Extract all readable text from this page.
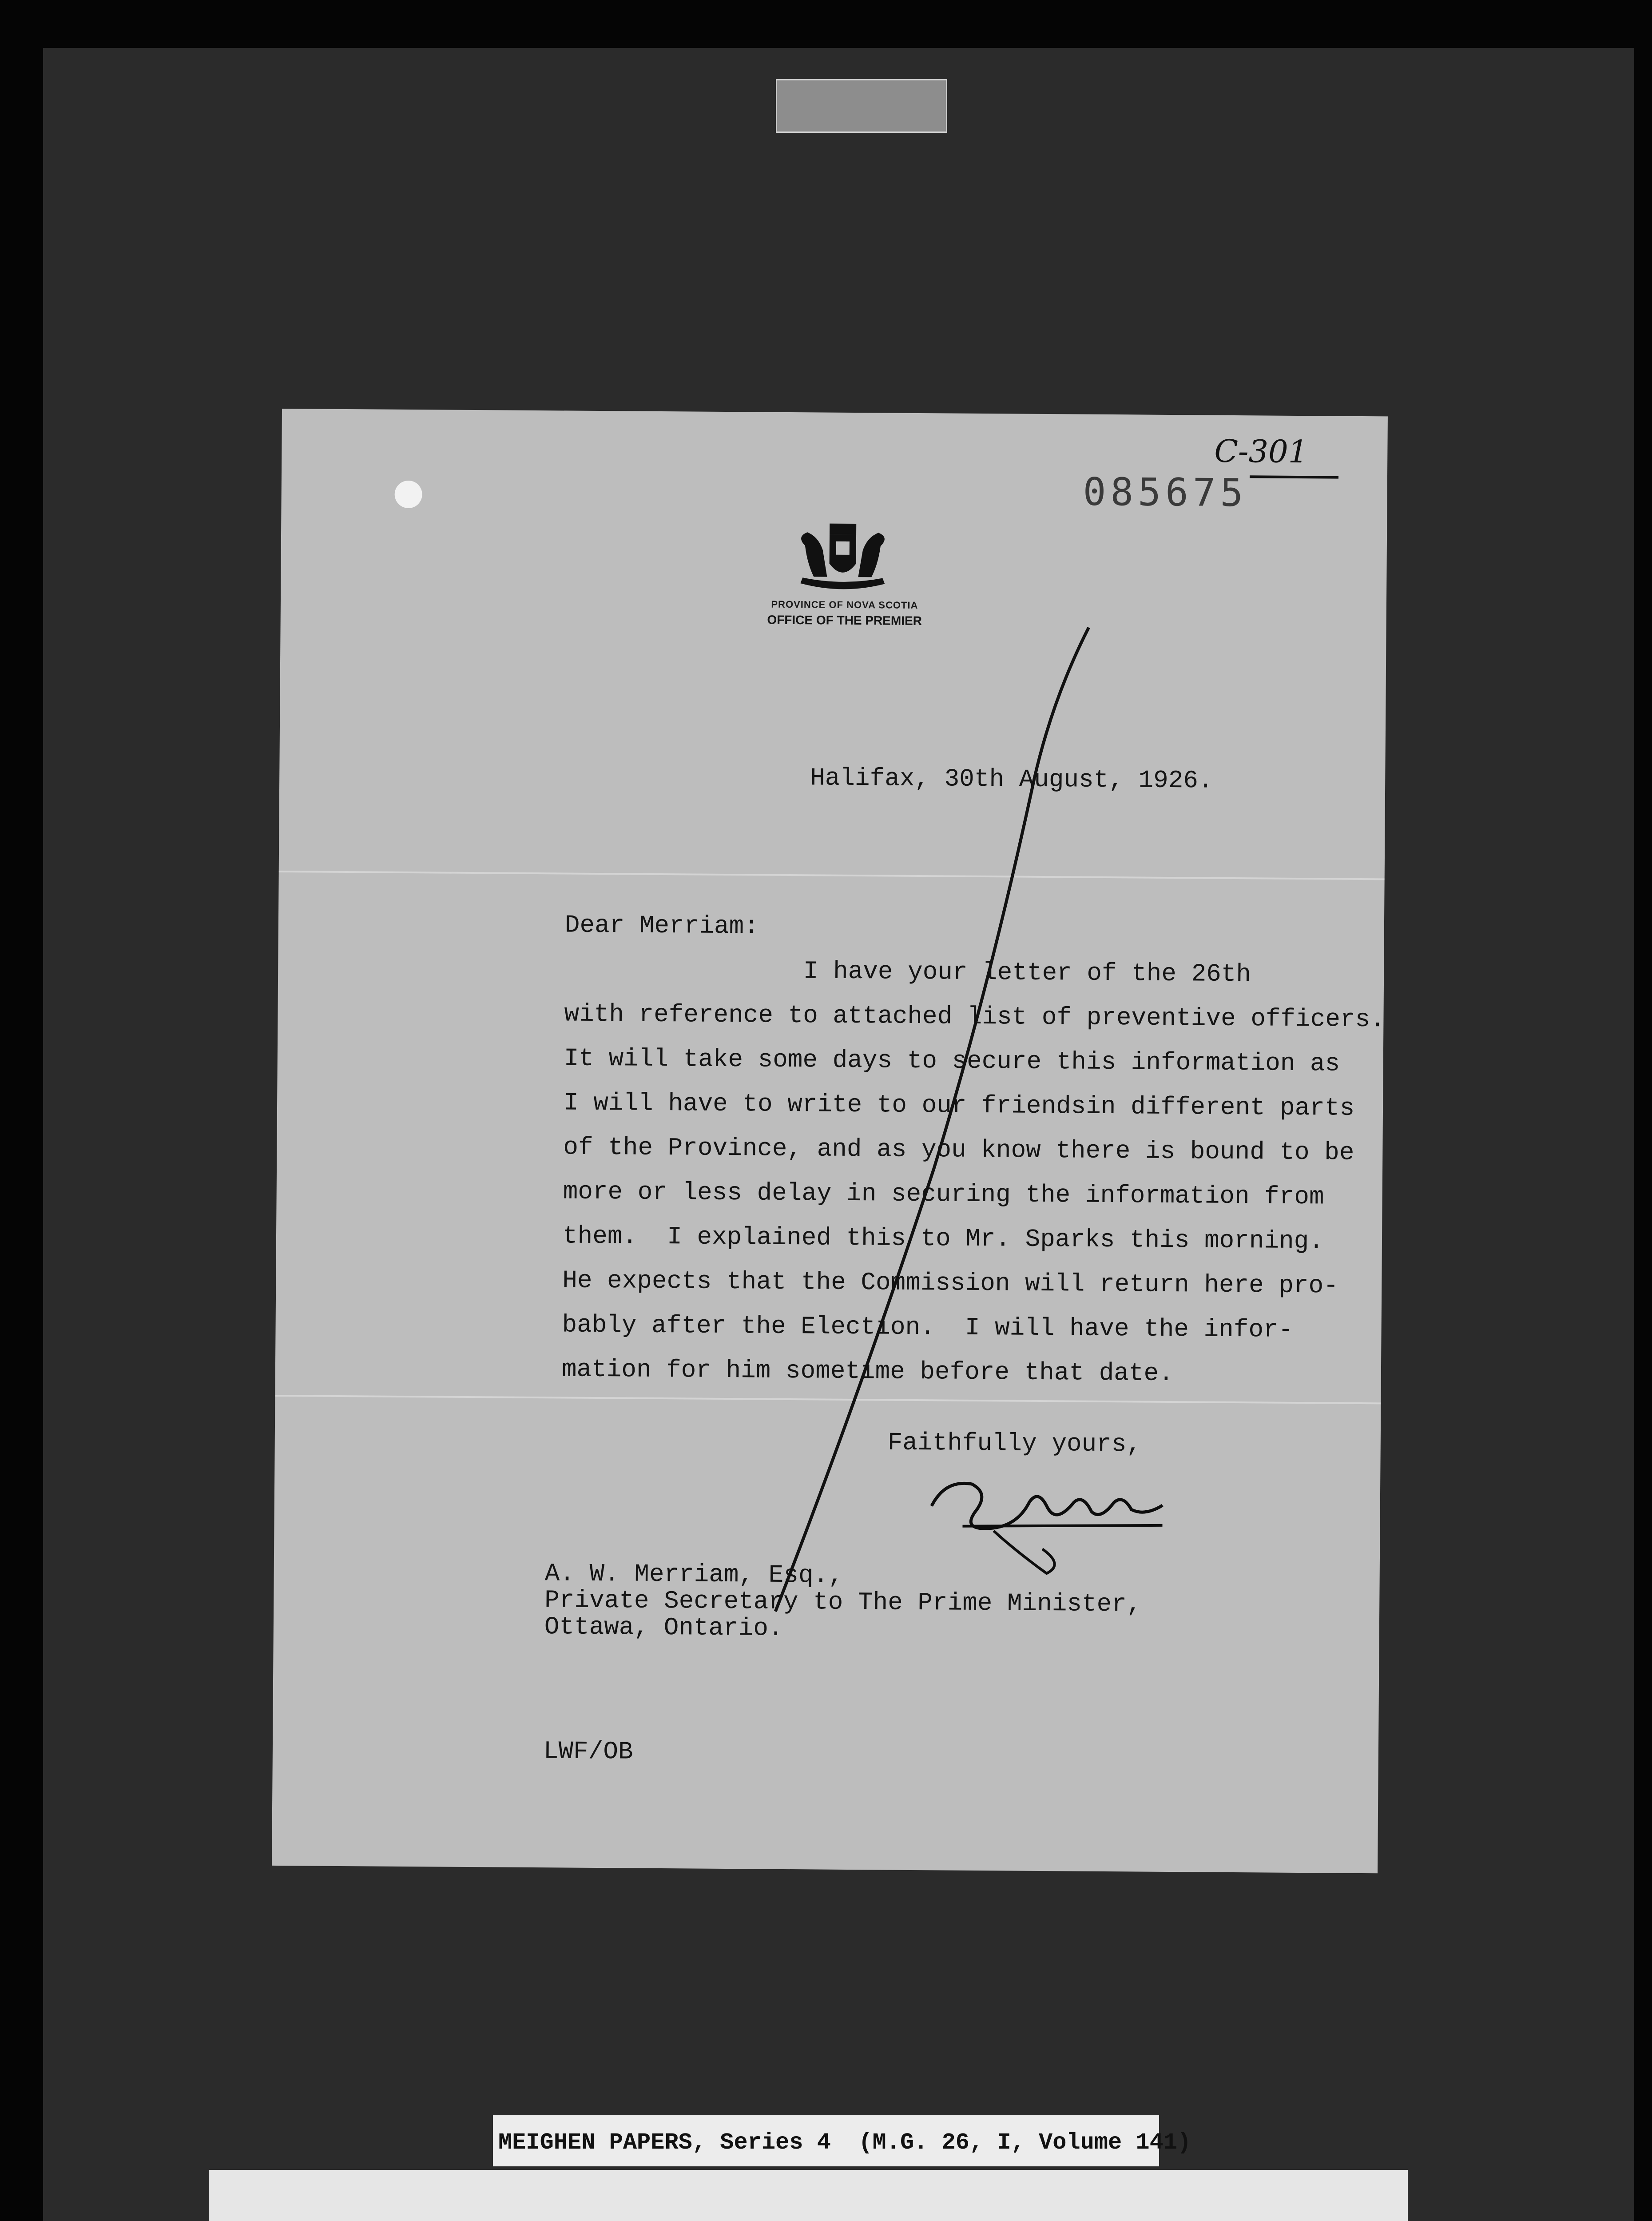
085675
C-301
PROVINCE OF NOVA SCOTIA
OFFICE OF THE PREMIER
Halifax, 30th August, 1926.
Dear Merriam:
I have your letter of the 26th
with reference to attached list of preventive officers.
It will take some days to secure this information as
I will have to write to our friendsin different parts
of the Province, and as you know there is bound to be
more or less delay in securing the information from
them.  I explained this to Mr. Sparks this morning.
He expects that the Commission will return here pro-
bably after the Election.  I will have the infor-
mation for him sometime before that date.
Faithfully yours,
A. W. Merriam, Esq.,
Private Secretary to The Prime Minister,
Ottawa, Ontario.
LWF/OB
MEIGHEN PAPERS, Series 4  (M.G. 26, I, Volume 141)
